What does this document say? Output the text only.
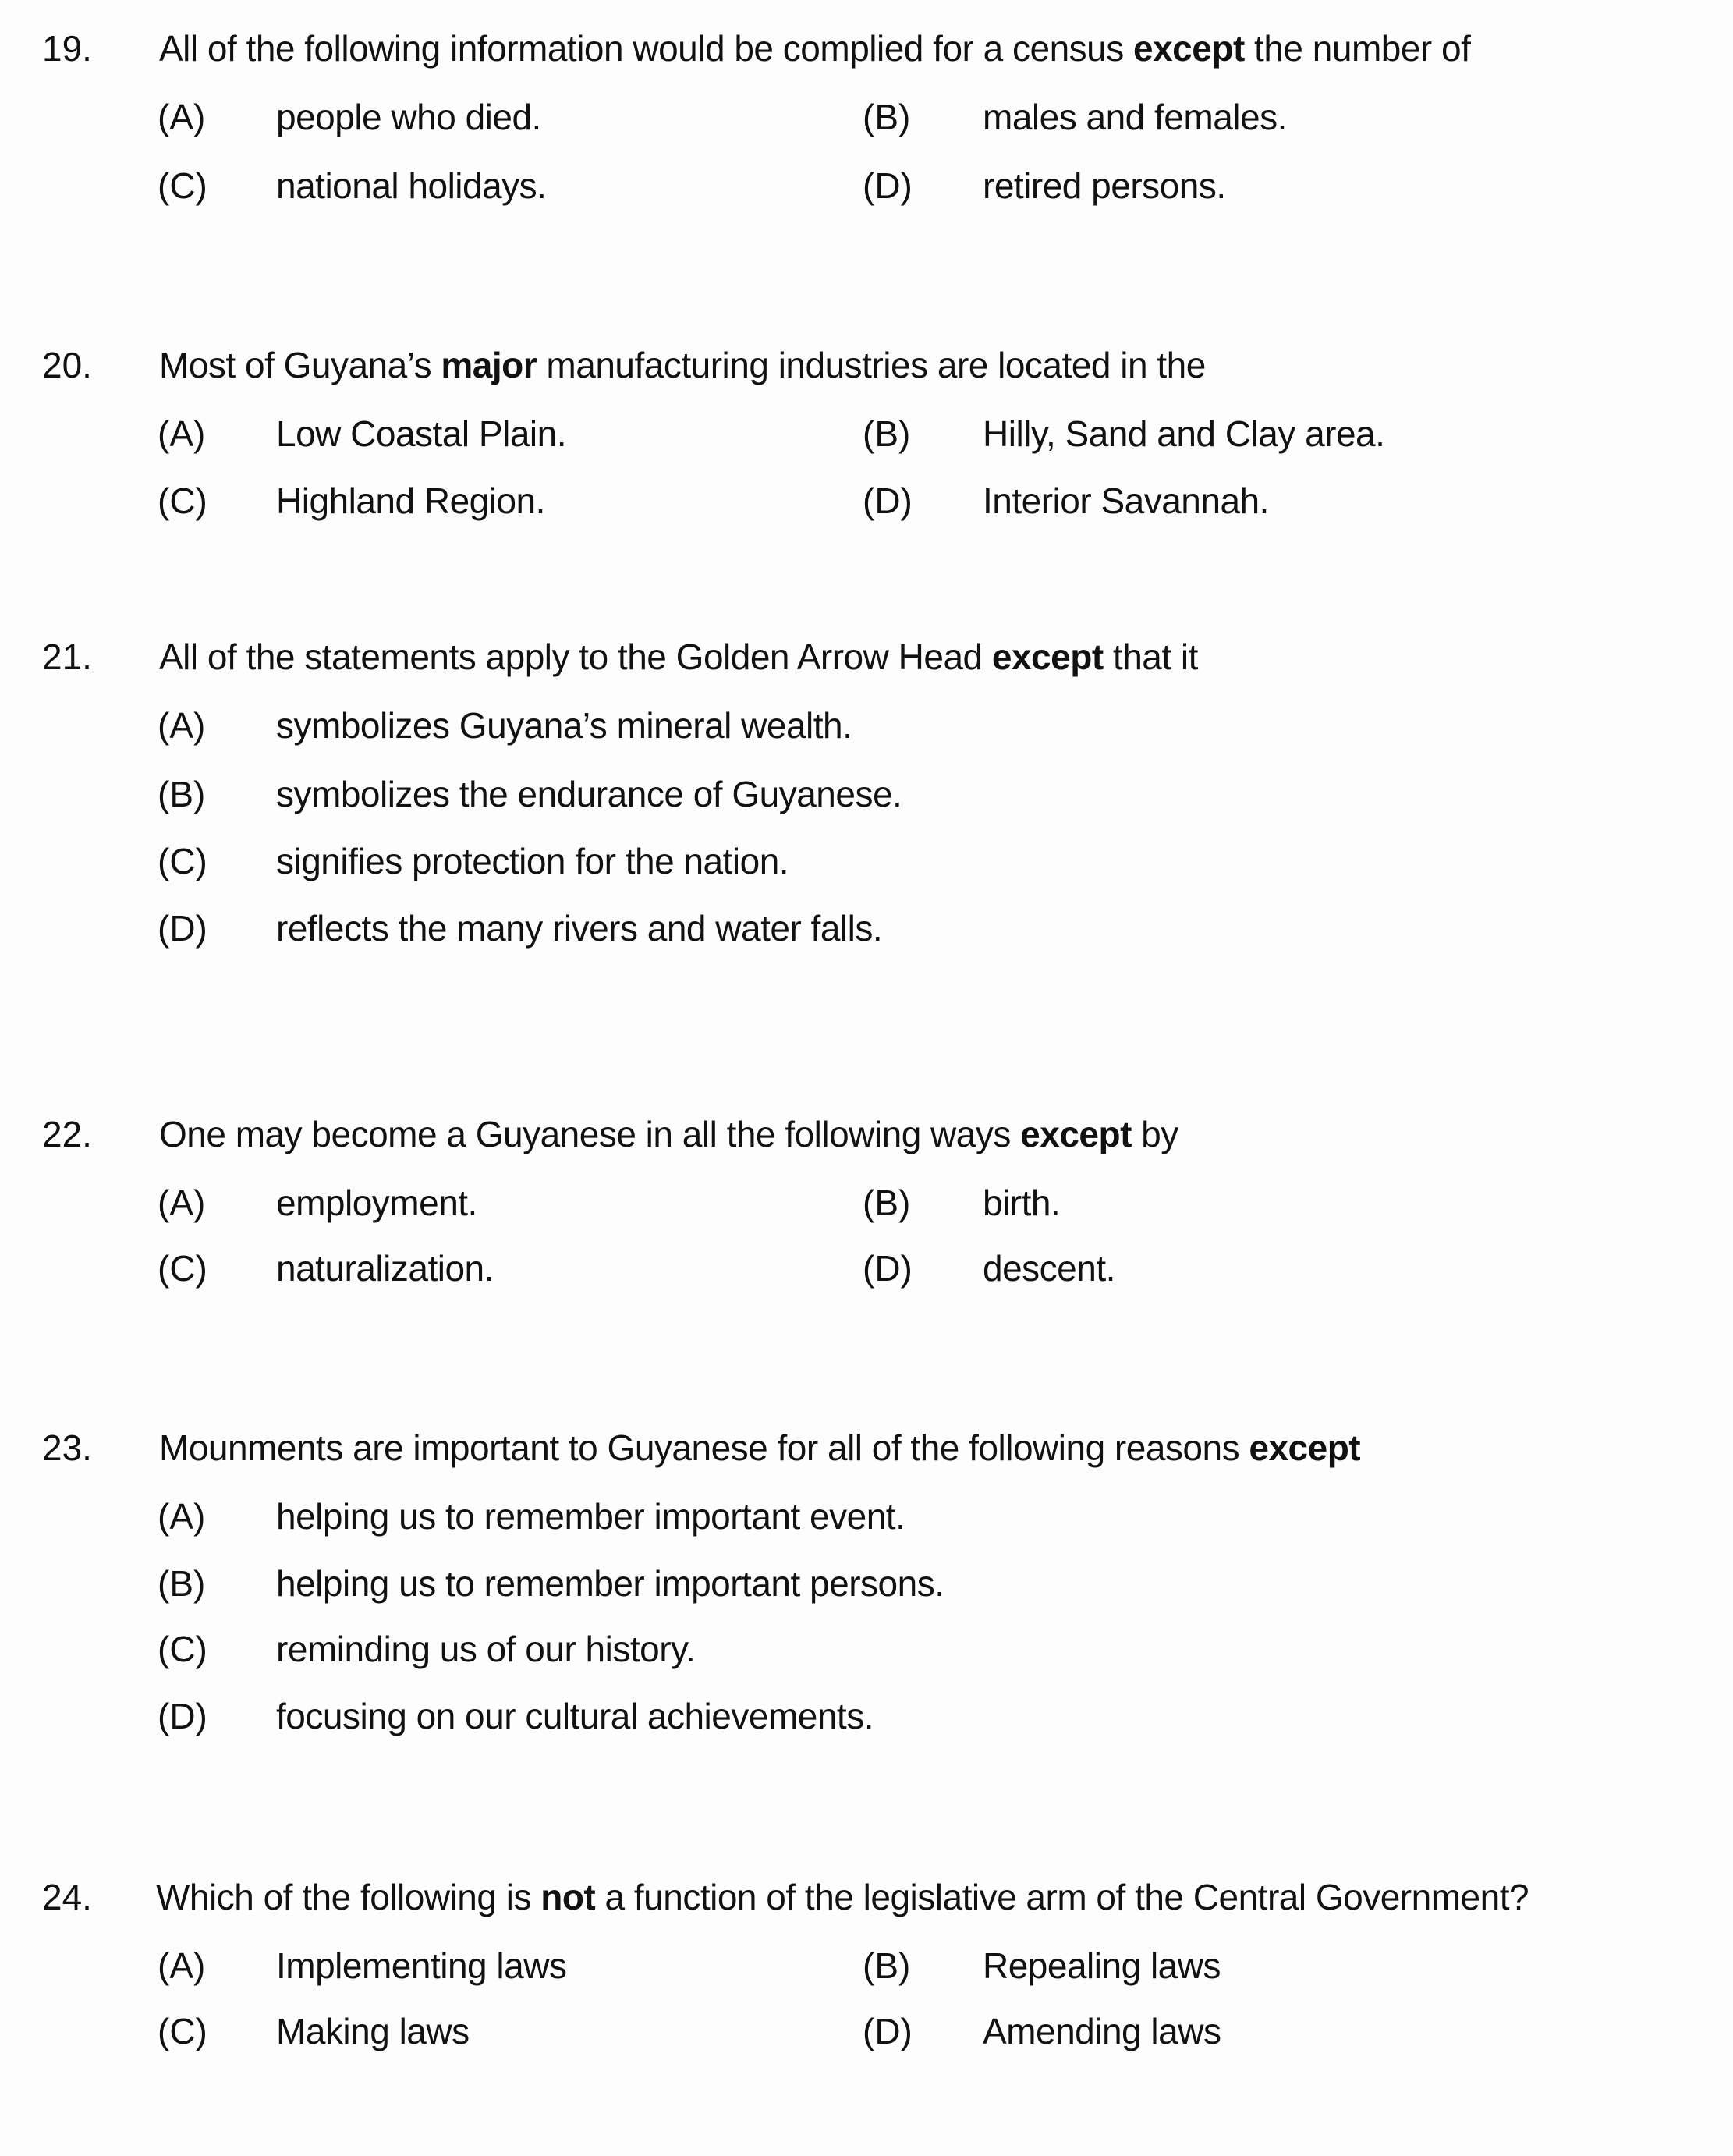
19. All of the following information would be complied for a census except the number of
(A) people who died.	(B) males and females.
(C) national holidays.	(D) retired persons.
20. Most of Guyana’s major manufacturing industries are located in the
(A) Low Coastal Plain.	(B) Hilly, Sand and Clay area.
(C) Highland Region.	(D) Interior Savannah.
21. All of the statements apply to the Golden Arrow Head except that it
(A) symbolizes Guyana’s mineral wealth.
(B) symbolizes the endurance of Guyanese.
(C) signifies protection for the nation.
(D) reflects the many rivers and water falls.
22. One may become a Guyanese in all the following ways except by
(A) employment.	(B) birth.
(C) naturalization.	(D) descent.
23. Mounments are important to Guyanese for all of the following reasons except
(A) helping us to remember important event.
(B) helping us to remember important persons.
(C) reminding us of our history.
(D) focusing on our cultural achievements.
24. Which of the following is not a function of the legislative arm of the Central Government?
(A) Implementing laws	(B) Repealing laws
(C) Making laws	(D) Amending laws
